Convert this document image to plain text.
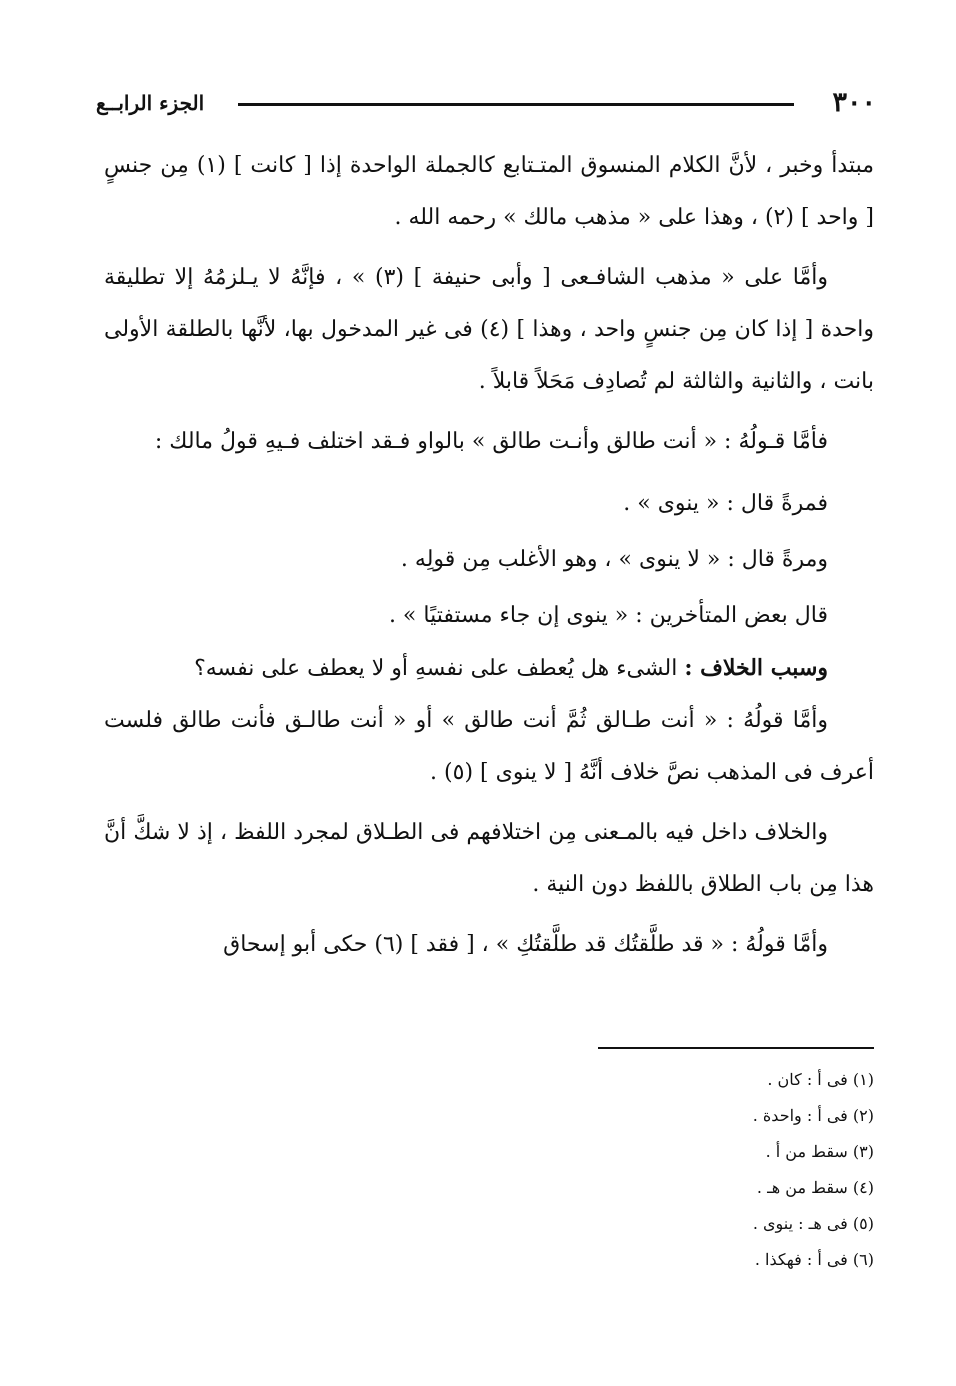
٣٠٠
الجزء الرابــع

مبتدأ وخبر ، لأنَّ الكلام المنسوق المتـتابع كالجملة الواحدة إذا [ كانت ] (١) مِن جنسٍ [ واحد ] (٢) ، وهذا على « مذهب مالك » رحمه الله .

وأمَّا على « مذهب الشافـعى [ وأبى حنيفة ] (٣) » ، فإنَّهُ لا يـلزمُهُ إلا تطليقة واحدة [ إذا كان مِن جنسٍ واحد ، وهذا ] (٤) فى غير المدخول بها، لأنَّها بالطلقة الأولى بانت ، والثانية والثالثة لم تُصادِف مَحَلاً قابلاً .

فأمَّا قـولُهُ : « أنت طالق وأنـت طالق » بالواو فـقد اختلف فـيهِ قولُ مالك :

فمرةً قال : « ينوى » .

ومرةً قال : « لا ينوى » ، وهو الأغلب مِن قولِه .

قال بعض المتأخرين : « ينوى إن جاء مستفتيًا » .

وسبب الخلاف : الشىء هل يُعطف على نفسهِ أو لا يعطف على نفسه؟

وأمَّا قولُهُ : « أنت طـالق ثُمَّ أنت طالق » أو « أنت طالـق فأنت طالق فلست أعرف فى المذهب نصَّ خلاف أنَّهُ [ لا ينوى ] (٥) .

والخلاف داخل فيه بالمـعنى مِن اختلافهم فى الطـلاق لمجرد اللفظ ، إذ لا شكَّ أنَّ هذا مِن باب الطلاق باللفظ دون النية .

وأمَّا قولُهُ : « قد طلَّقتُك قد طلَّقتُكِ » ، [ فقد ] (٦) حكى أبو إسحاق

(١) فى أ : كان .
(٢) فى أ : واحدة .
(٣) سقط من أ .
(٤) سقط من هـ .
(٥) فى هـ : ينوى .
(٦) فى أ : فهكذا .
